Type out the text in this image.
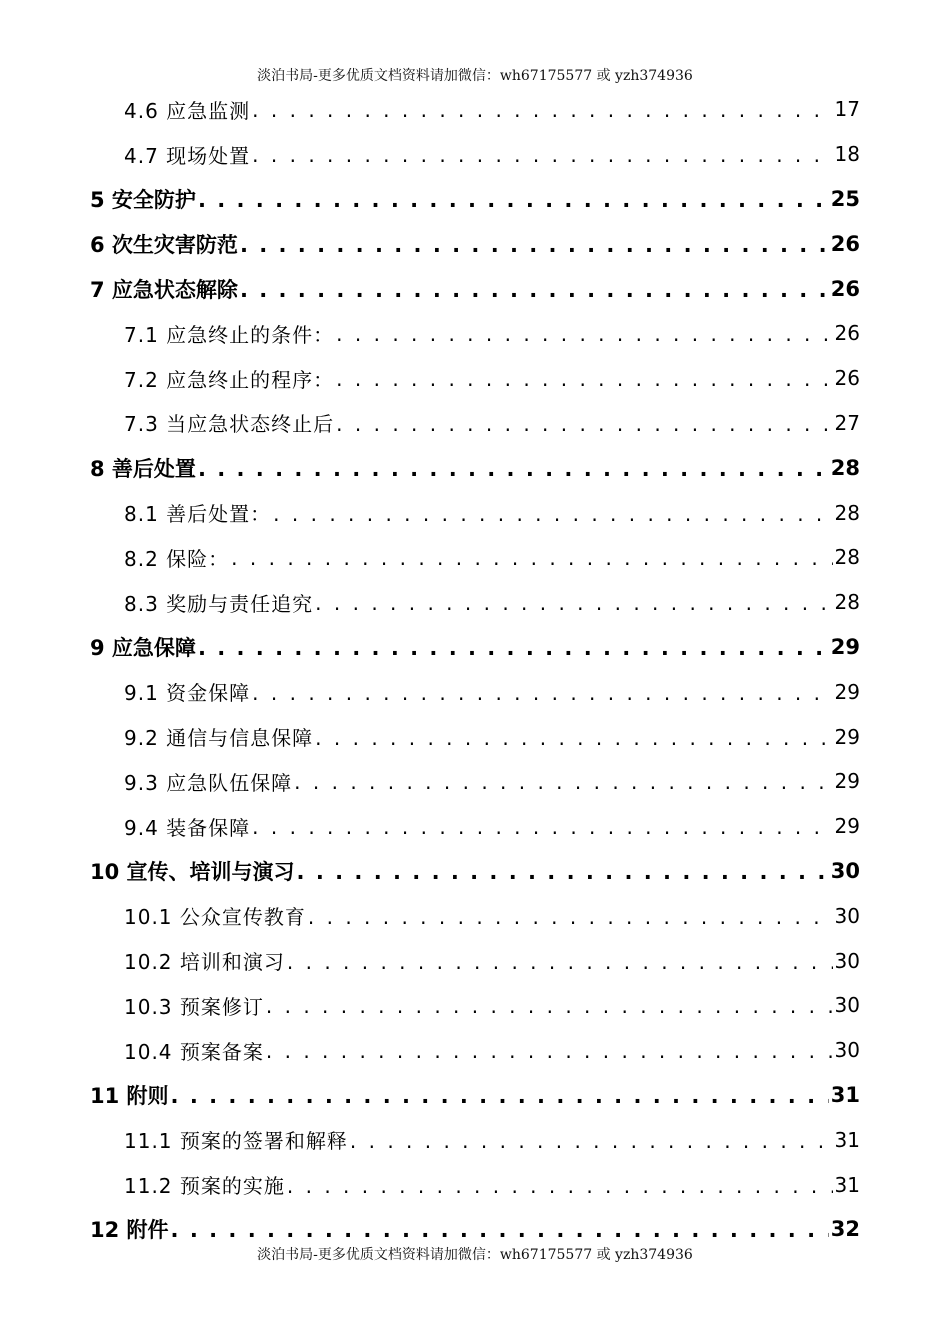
淡泊书局-更多优质文档资料请加微信：wh67175577 或 yzh374936
4.6 应急监测 . . .	17
4.7 现场处置 . . .	18
5 安全防护 . . .	25
6 次生灾害防范 . . .	26
7 应急状态解除 . . .	26
7.1 应急终止的条件： . . .	26
7.2 应急终止的程序： . . .	26
7.3 当应急状态终止后 . . .	27
8 善后处置 . . .	28
8.1 善后处置： . . .	28
8.2 保险： . . .	28
8.3 奖励与责任追究 . . .	28
9 应急保障 . . .	29
9.1 资金保障 . . .	29
9.2 通信与信息保障 . . .	29
9.3 应急队伍保障 . . .	29
9.4 装备保障 . . .	29
10 宣传、培训与演习 . . .	30
10.1 公众宣传教育 . . .	30
10.2 培训和演习 . . .	30
10.3 预案修订 . . .	30
10.4 预案备案 . . .	30
11 附则 . . .	31
11.1 预案的签署和解释 . . .	31
11.2 预案的实施 . . .	31
12 附件 . . .	32
淡泊书局-更多优质文档资料请加微信：wh67175577 或 yzh374936
